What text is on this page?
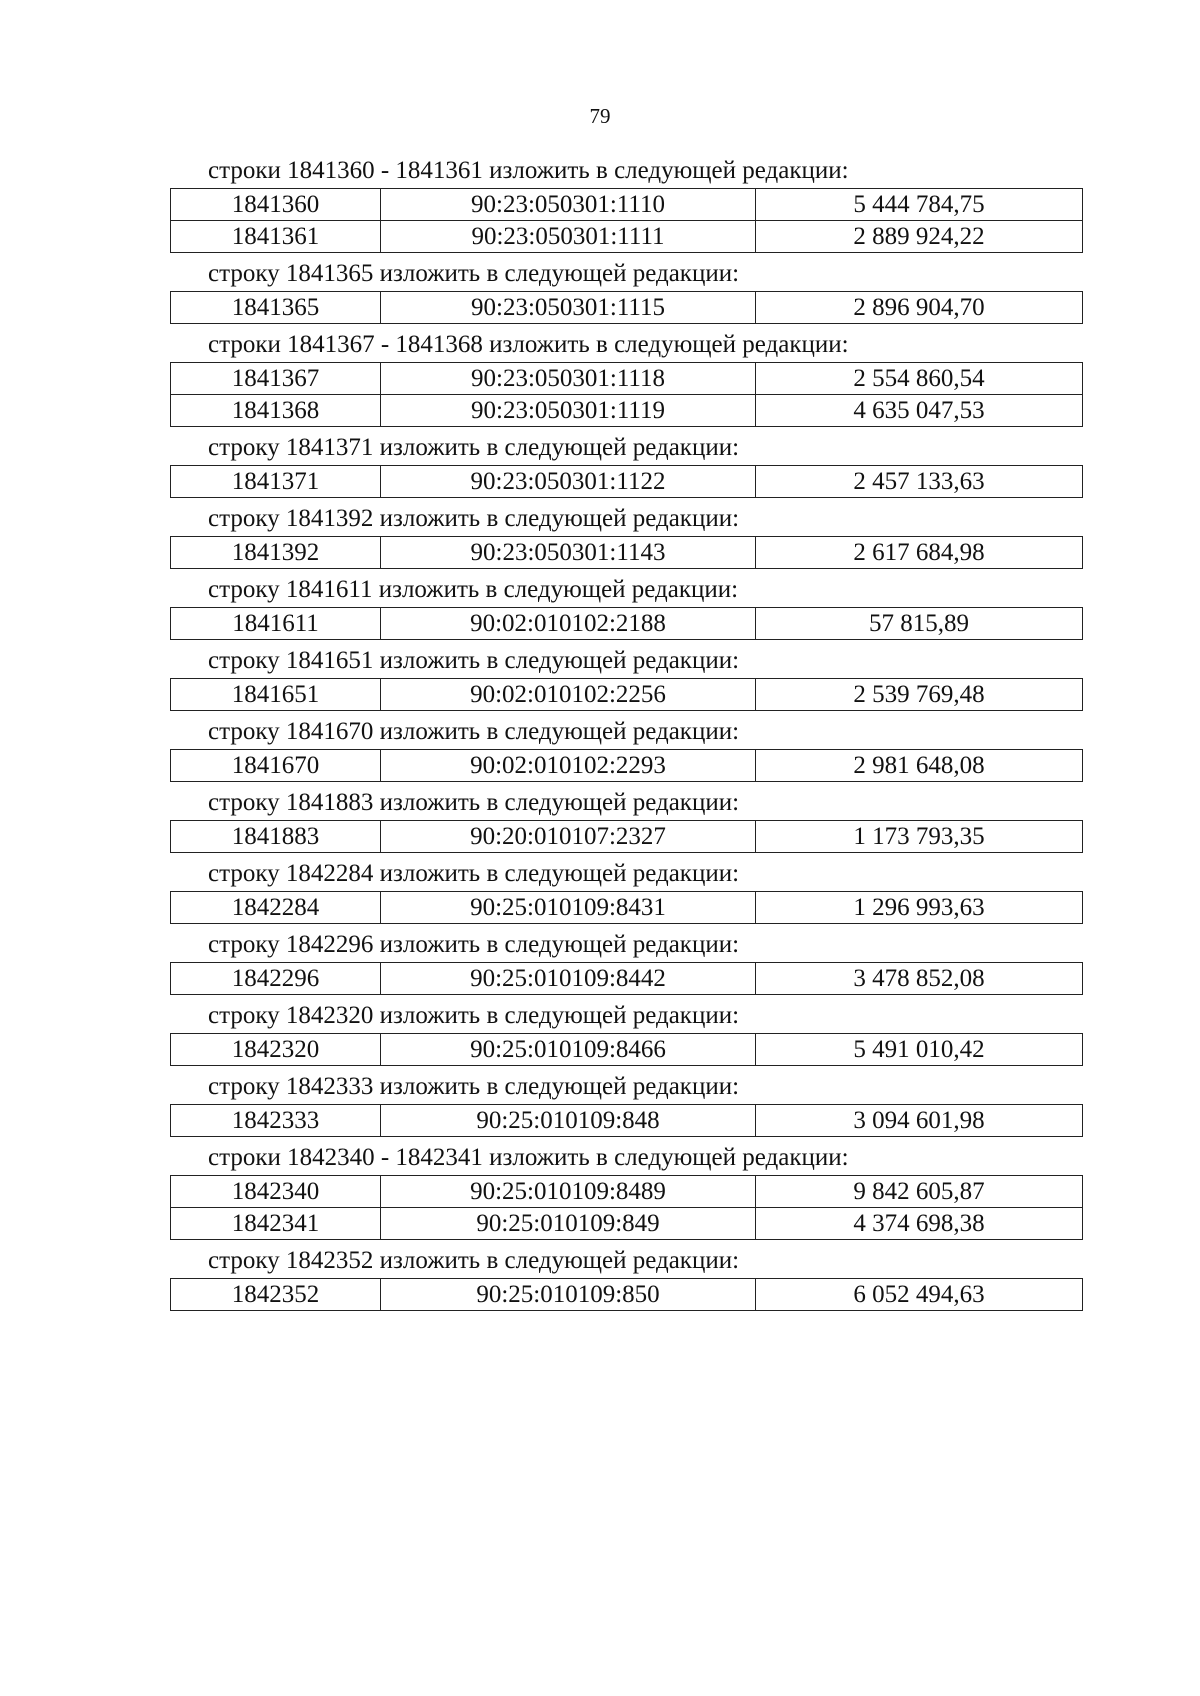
79
строки 1841360 - 1841361 изложить в следующей редакции:
1841360	90:23:050301:1110	5 444 784,75
1841361	90:23:050301:1111	2 889 924,22
строку 1841365 изложить в следующей редакции:
1841365	90:23:050301:1115	2 896 904,70
строки 1841367 - 1841368 изложить в следующей редакции:
1841367	90:23:050301:1118	2 554 860,54
1841368	90:23:050301:1119	4 635 047,53
строку 1841371 изложить в следующей редакции:
1841371	90:23:050301:1122	2 457 133,63
строку 1841392 изложить в следующей редакции:
1841392	90:23:050301:1143	2 617 684,98
строку 1841611 изложить в следующей редакции:
1841611	90:02:010102:2188	57 815,89
строку 1841651 изложить в следующей редакции:
1841651	90:02:010102:2256	2 539 769,48
строку 1841670 изложить в следующей редакции:
1841670	90:02:010102:2293	2 981 648,08
строку 1841883 изложить в следующей редакции:
1841883	90:20:010107:2327	1 173 793,35
строку 1842284 изложить в следующей редакции:
1842284	90:25:010109:8431	1 296 993,63
строку 1842296 изложить в следующей редакции:
1842296	90:25:010109:8442	3 478 852,08
строку 1842320 изложить в следующей редакции:
1842320	90:25:010109:8466	5 491 010,42
строку 1842333 изложить в следующей редакции:
1842333	90:25:010109:848	3 094 601,98
строки 1842340 - 1842341 изложить в следующей редакции:
1842340	90:25:010109:8489	9 842 605,87
1842341	90:25:010109:849	4 374 698,38
строку 1842352 изложить в следующей редакции:
1842352	90:25:010109:850	6 052 494,63
